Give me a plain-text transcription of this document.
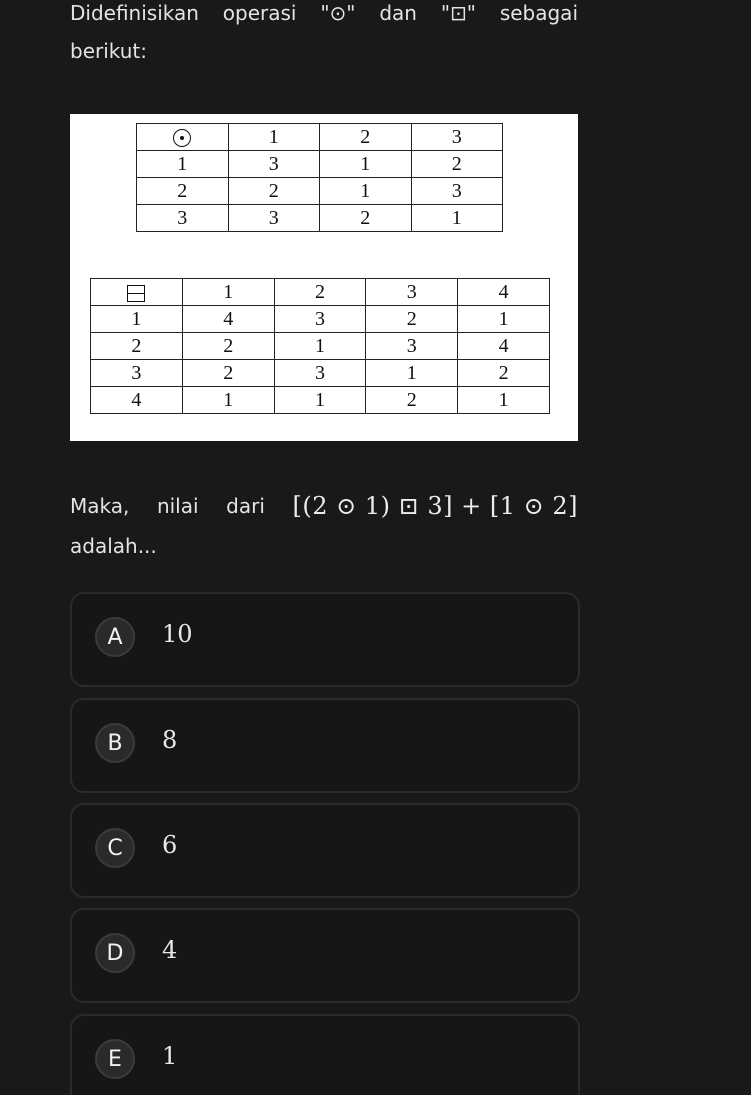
Didefinisikan operasi "⊙" dan "⊡" sebagai
berikut:
	1	2	3
1	3	1	2
2	2	1	3
3	3	2	1
	1	2	3	4
1	4	3	2	1
2	2	1	3	4
3	2	3	1	2
4	1	1	2	1
Maka, nilai dari [(2 ⊙ 1) ⊡ 3] + [1 ⊙ 2]
adalah...
A	10
B	8
C	6
D	4
E	1
